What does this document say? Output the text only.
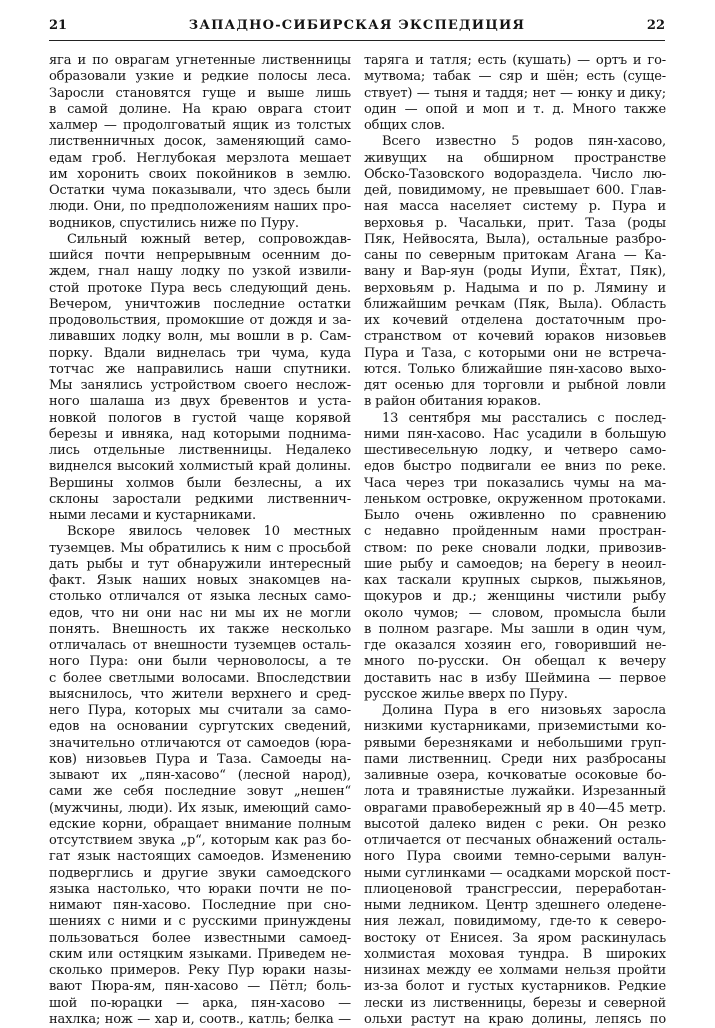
21	ЗАПАДНО-СИБИРСКАЯ ЭКСПЕДИЦИЯ	22
яга и по оврагам угнетенные лиственницы
образовали узкие и редкие полосы леса.
Заросли становятся гуще и выше лишь
в самой долине. На краю оврага стоит
халмер — продолговатый ящик из толстых
лиственничных досок, заменяющий само-
едам гроб. Неглубокая мерзлота мешает
им хоронить своих покойников в землю.
Остатки чума показывали, что здесь были
люди. Они, по предположениям наших про-
водников, спустились ниже по Пуру.
Сильный южный ветер, сопровождав-
шийся почти непрерывным осенним до-
ждем, гнал нашу лодку по узкой извили-
стой протоке Пура весь следующий день.
Вечером, уничтожив последние остатки
продовольствия, промокшие от дождя и за-
ливавших лодку волн, мы вошли в р. Сам-
порку. Вдали виднелась три чума, куда
тотчас же направились наши спутники.
Мы занялись устройством своего неслож-
ного шалаша из двух бревентов и уста-
новкой пологов в густой чаще корявой
березы и ивняка, над которыми поднима-
лись отдельные лиственницы. Недалеко
виднелся высокий холмистый край долины.
Вершины холмов были безлесны, а их
склоны заростали редкими лиственнич-
ными лесами и кустарниками.
Вскоре явилось человек 10 местных
туземцев. Мы обратились к ним с просьбой
дать рыбы и тут обнаружили интересный
факт. Язык наших новых знакомцев на-
столько отличался от языка лесных само-
едов, что ни они нас ни мы их не могли
понять. Внешность их также несколько
отличалась от внешности туземцев осталь-
ного Пура: они были черноволосы, а те
с более светлыми волосами. Впоследствии
выяснилось, что жители верхнего и сред-
него Пура, которых мы считали за само-
едов на основании сургутских сведений,
значительно отличаются от самоедов (юра-
ков) низовьев Пура и Таза. Самоеды на-
зывают их „пян-хасово“ (лесной народ),
сами же себя последние зовут „нешен“
(мужчины, люди). Их язык, имеющий само-
едские корни, обращает внимание полным
отсутствием звука „р“, которым как раз бо-
гат язык настоящих самоедов. Изменению
подверглись и другие звуки самоедского
языка настолько, что юраки почти не по-
нимают пян-хасово. Последние при сно-
шениях с ними и с русскими принуждены
пользоваться более известными самоед-
ским или остяцким языками. Приведем не-
сколько примеров. Реку Пур юраки назы-
вают Пюра-ям, пян-хасово — Пётл; боль-
шой по-юрацки — арка, пян-хасово —
нахлка; нож — хар и, соотв., катль; белка —
таряга и татля; есть (кушать) — ортъ и го-
мутвома; табак — сяр и шён; есть (суще-
ствует) — тыня и таддя; нет — юнку и дику;
один — опой и моп и т. д. Много также
общих слов.
Всего известно 5 родов пян-хасово,
живущих на обширном пространстве
Обско-Тазовского водораздела. Число лю-
дей, повидимому, не превышает 600. Глав-
ная масса населяет систему р. Пура и
верховья р. Часальки, прит. Таза (роды
Пяк, Нейвосята, Выла), остальные разбро-
саны по северным притокам Агана — Ка-
вану и Вар-яун (роды Иупи, Ёхтат, Пяк),
верховьям р. Надыма и по р. Лямину и
ближайшим речкам (Пяк, Выла). Область
их кочевий отделена достаточным про-
странством от кочевий юраков низовьев
Пура и Таза, с которыми они не встреча-
ются. Только ближайшие пян-хасово выхо-
дят осенью для торговли и рыбной ловли
в район обитания юраков.
13 сентября мы расстались с послед-
ними пян-хасово. Нас усадили в большую
шестивесельную лодку, и четверо само-
едов быстро подвигали ее вниз по реке.
Часа через три показались чумы на ма-
леньком островке, окруженном протоками.
Было очень оживленно по сравнению
с недавно пройденным нами простран-
ством: по реке сновали лодки, привозив-
шие рыбу и самоедов; на берегу в неоил-
ках таскали крупных сырков, пыжьянов,
щокуров и др.; женщины чистили рыбу
около чумов; — словом, промысла были
в полном разгаре. Мы зашли в один чум,
где оказался хозяин его, говоривший не-
много по-русски. Он обещал к вечеру
доставить нас в избу Шеймина — первое
русское жилье вверх по Пуру.
Долина Пура в его низовьях заросла
низкими кустарниками, приземистыми ко-
рявыми березняками и небольшими груп-
пами лиственниц. Среди них разбросаны
заливные озера, кочковатые осоковые бо-
лота и травянистые лужайки. Изрезанный
оврагами правобережный яр в 40—45 метр.
высотой далеко виден с реки. Он резко
отличается от песчаных обнажений осталь-
ного Пура своими темно-серыми валун-
ными суглинками — осадками морской пост-
плиоценовой трансгрессии, переработан-
ными ледником. Центр здешнего оледене-
ния лежал, повидимому, где-то к северо-
востоку от Енисея. За яром раскинулась
холмистая моховая тундра. В широких
низинах между ее холмами нельзя пройти
из-за болот и густых кустарников. Редкие
лески из лиственницы, березы и северной
ольхи растут на краю долины, лепясь по
